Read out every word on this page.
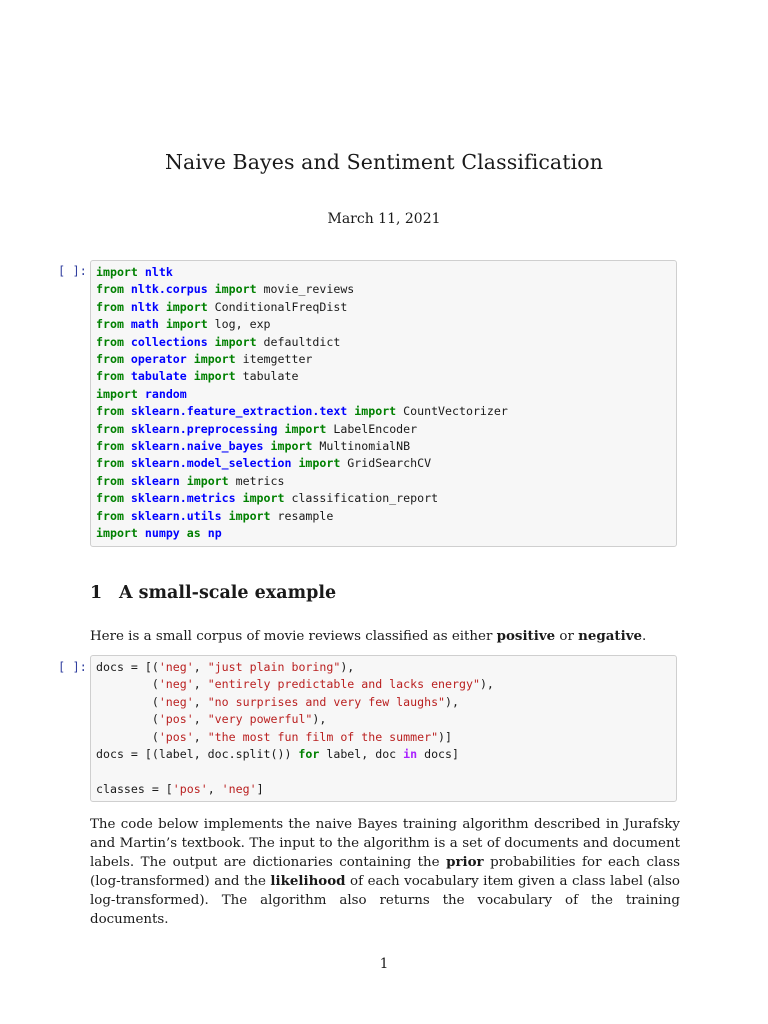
Naive Bayes and Sentiment Classification
March 11, 2021
[ ]: import nltk
from nltk.corpus import movie_reviews
from nltk import ConditionalFreqDist
from math import log, exp
from collections import defaultdict
from operator import itemgetter
from tabulate import tabulate
import random
from sklearn.feature_extraction.text import CountVectorizer
from sklearn.preprocessing import LabelEncoder
from sklearn.naive_bayes import MultinomialNB
from sklearn.model_selection import GridSearchCV
from sklearn import metrics
from sklearn.metrics import classification_report
from sklearn.utils import resample
import numpy as np
1 A small-scale example
Here is a small corpus of movie reviews classified as either positive or negative.
[ ]: docs = [('neg', "just plain boring"),
('neg', "entirely predictable and lacks energy"),
('neg', "no surprises and very few laughs"),
('pos', "very powerful"),
('pos', "the most fun film of the summer")]
docs = [(label, doc.split()) for label, doc in docs]

classes = ['pos', 'neg']
The code below implements the naive Bayes training algorithm described in Jurafsky and Martin’s textbook. The input to the algorithm is a set of documents and document labels. The output are dictionaries containing the prior probabilities for each class (log-transformed) and the likelihood of each vocabulary item given a class label (also log-transformed). The algorithm also returns the vocabulary of the training documents.
1
